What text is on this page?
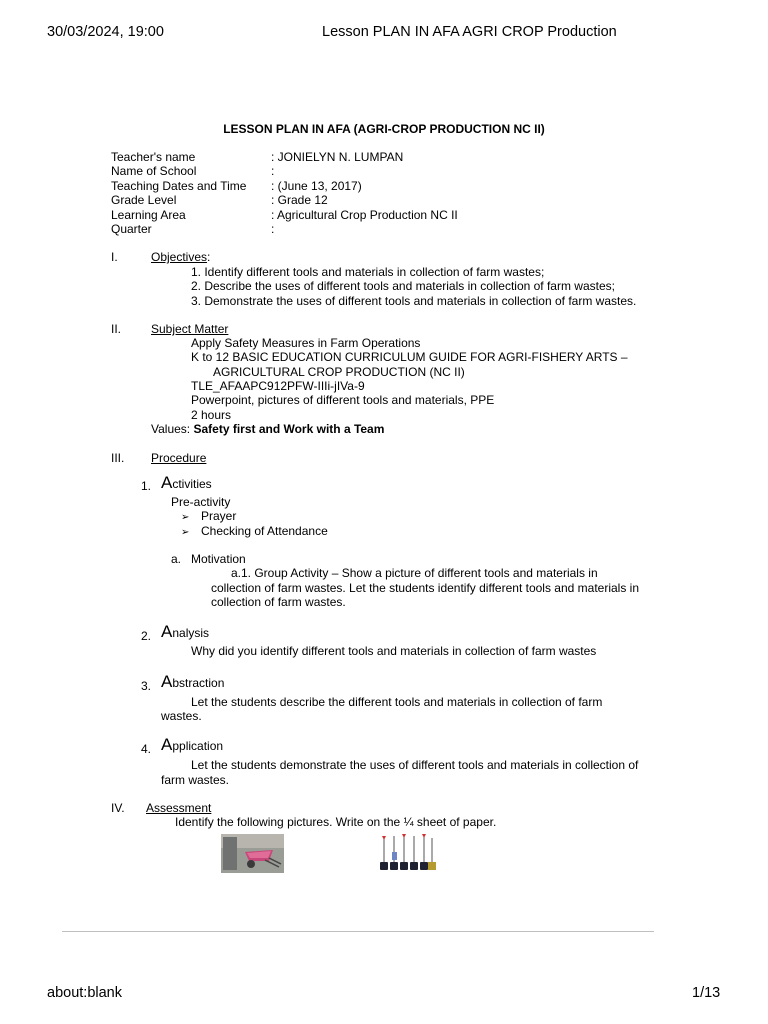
30/03/2024, 19:00	Lesson PLAN IN AFA AGRI CROP Production
LESSON PLAN IN AFA (AGRI-CROP PRODUCTION NC II)
Teacher's name	: JONIELYN N. LUMPAN
Name of School	:
Teaching Dates and Time : (June 13, 2017)
Grade Level	: Grade 12
Learning Area	: Agricultural Crop Production NC II
Quarter	:
I.	Objectives:
1. Identify different tools and materials in collection of farm wastes;
2. Describe the uses of different tools and materials in collection of farm wastes;
3. Demonstrate the uses of different tools and materials in collection of farm wastes.
II. Subject Matter
Apply Safety Measures in Farm Operations
K to 12 BASIC EDUCATION CURRICULUM GUIDE FOR AGRI-FISHERY ARTS –
AGRICULTURAL CROP PRODUCTION (NC II)
TLE_AFAAPC912PFW-IIIi-jIVa-9
Powerpoint, pictures of different tools and materials, PPE
2 hours
Values: Safety first and Work with a Team
III. Procedure
1. Activities
Pre-activity
➢ Prayer
➢ Checking of Attendance
a.   Motivation
a.1. Group Activity – Show a picture of different tools and materials in
collection of farm wastes. Let the students identify different tools and materials in
collection of farm wastes.
2. Analysis
Why did you identify different tools and materials in collection of farm wastes
3. Abstraction
Let the students describe the different tools and materials in collection of farm
wastes.
4. Application
Let the students demonstrate the uses of different tools and materials in collection of
farm wastes.
IV. Assessment
Identify the following pictures. Write on the ¼ sheet of paper.
about:blank	1/13
